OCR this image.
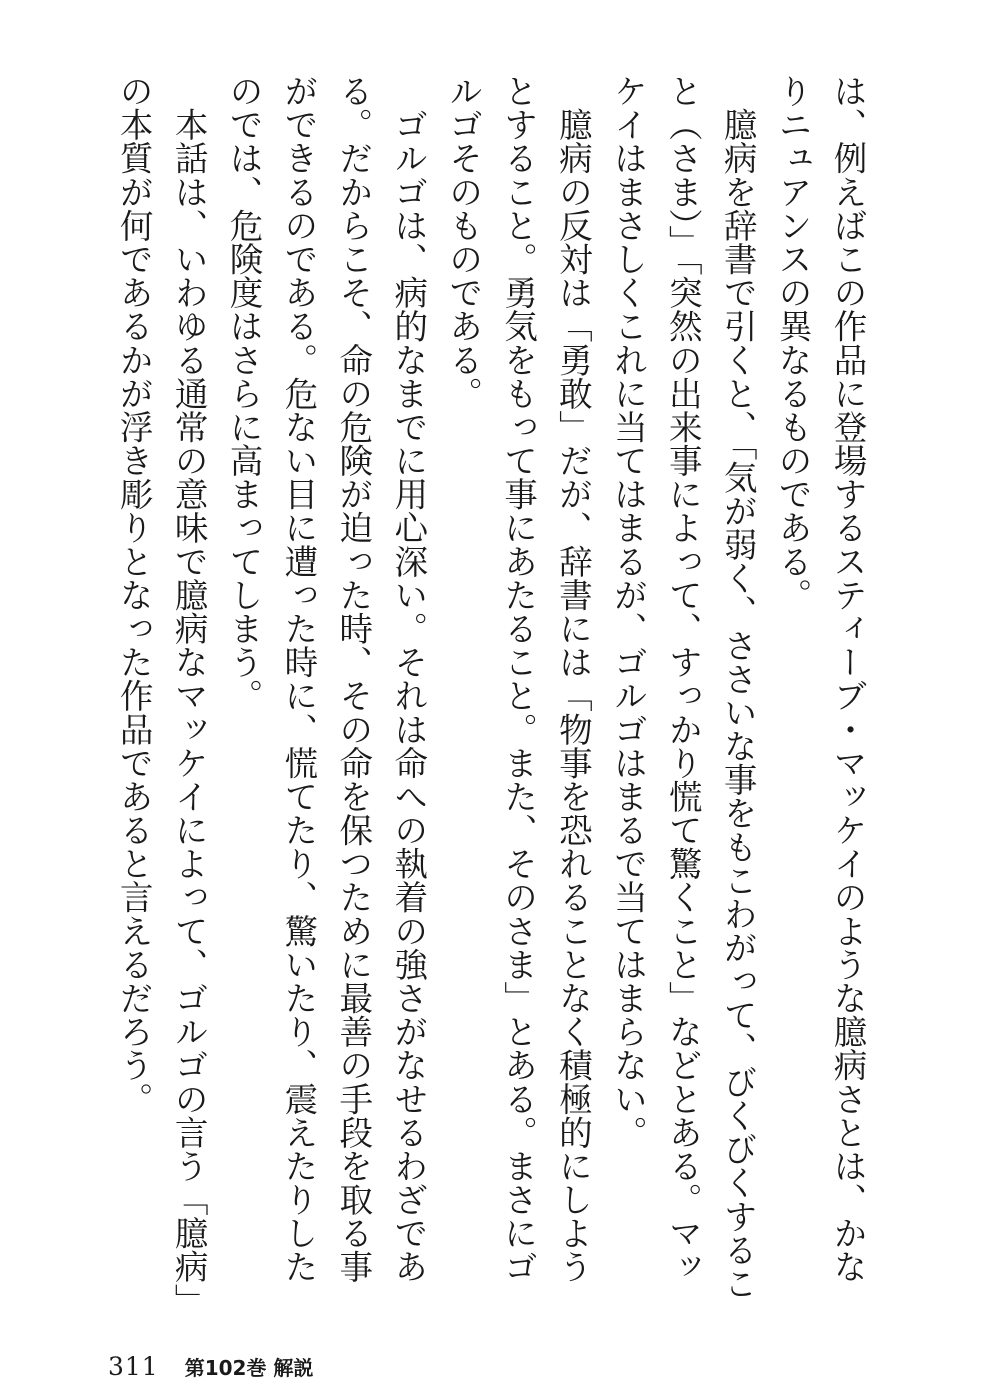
は、例えばこの作品に登場するスティーブ・マッケイのような臆病さとは、かな
りニュアンスの異なるものである。
　臆病を辞書で引くと、「気が弱く、ささいな事をもこわがって、びくびくするこ
と（さま）」「突然の出来事によって、すっかり慌て驚くこと」などとある。マッ
ケイはまさしくこれに当てはまるが、ゴルゴはまるで当てはまらない。
　臆病の反対は「勇敢」だが、辞書には「物事を恐れることなく積極的にしよう
とすること。勇気をもって事にあたること。また、そのさま」とある。まさにゴ
ルゴそのものである。
　ゴルゴは、病的なまでに用心深い。それは命への執着の強さがなせるわざであ
る。だからこそ、命の危険が迫った時、その命を保つために最善の手段を取る事
ができるのである。危ない目に遭った時に、慌てたり、驚いたり、震えたりした
のでは、危険度はさらに高まってしまう。
　本話は、いわゆる通常の意味で臆病なマッケイによって、ゴルゴの言う「臆病」
の本質が何であるかが浮き彫りとなった作品であると言えるだろう。
311 第102巻 解説
